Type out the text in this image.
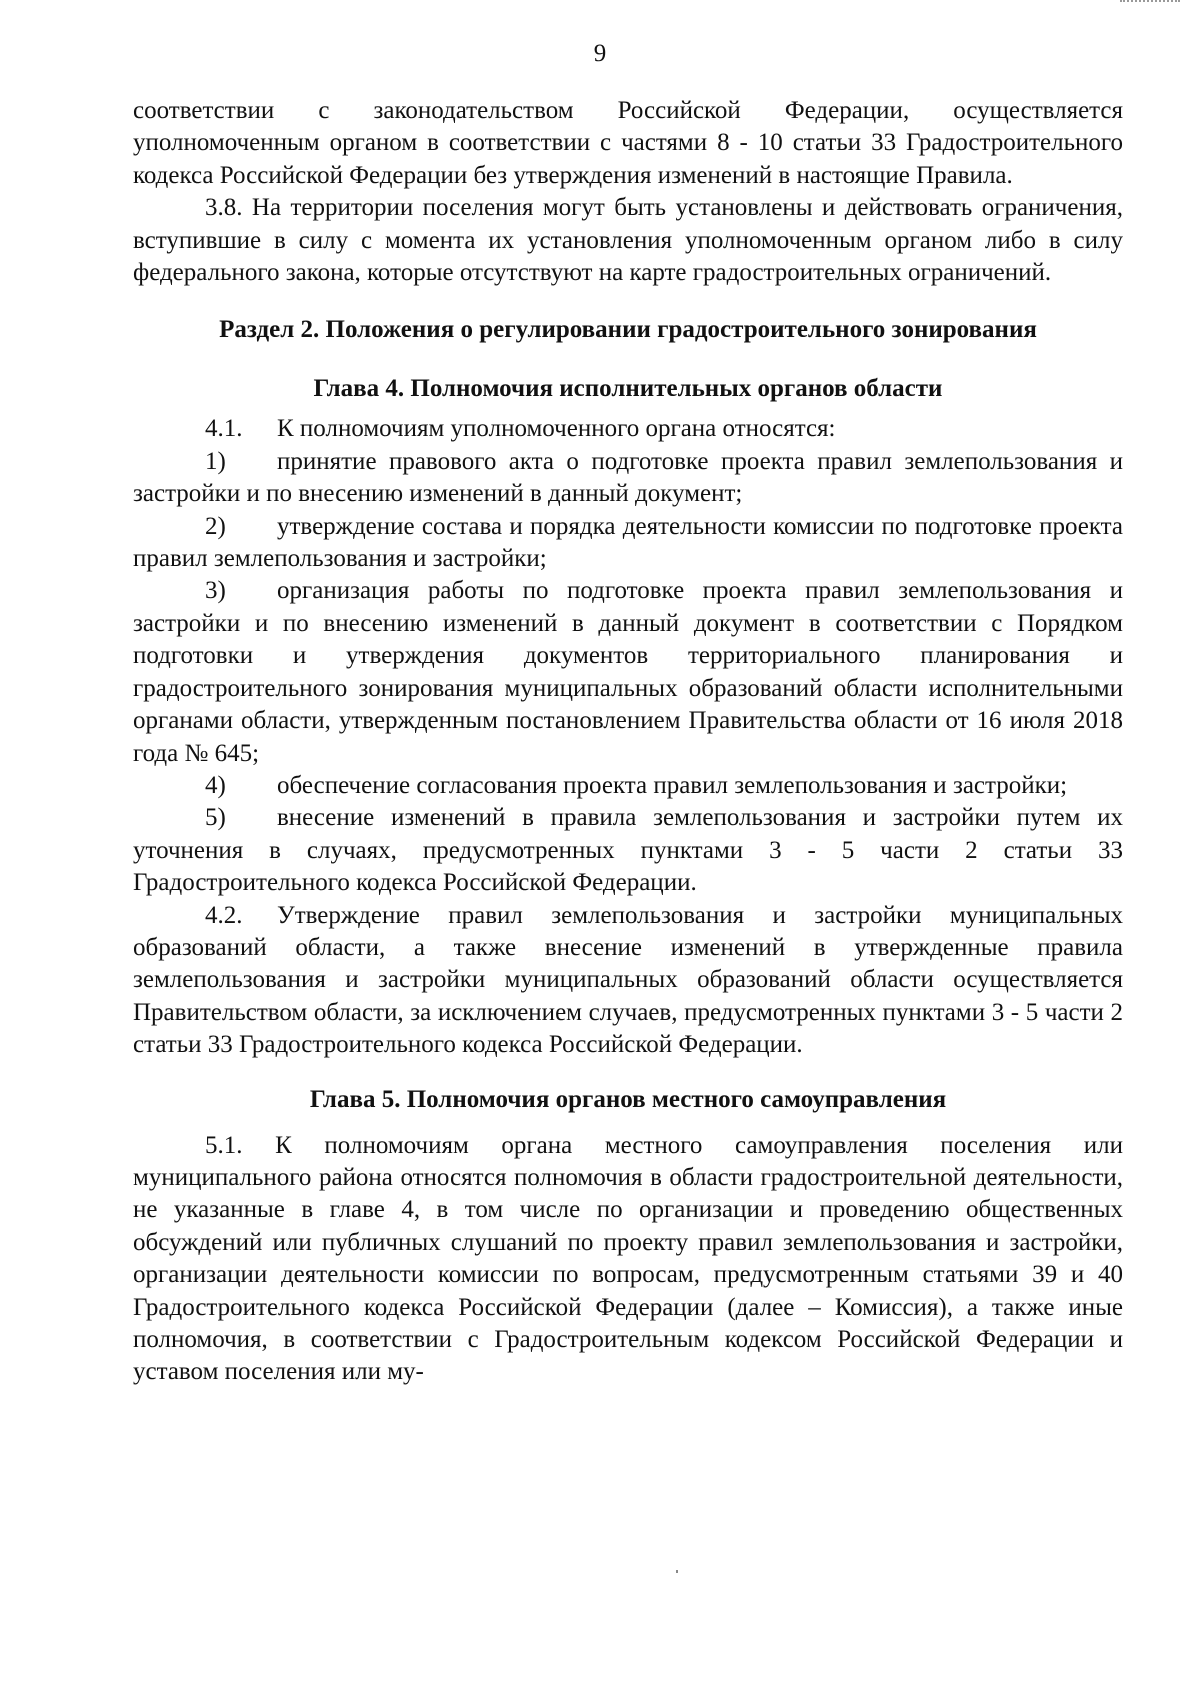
9

соответствии с законодательством Российской Федерации, осуществляется уполномоченным органом в соответствии с частями 8 - 10 статьи 33 Градостроительного кодекса Российской Федерации без утверждения изменений в настоящие Правила.

3.8. На территории поселения могут быть установлены и действовать ограничения, вступившие в силу с момента их установления уполномоченным органом либо в силу федерального закона, которые отсутствуют на карте градостроительных ограничений.

Раздел 2. Положения о регулировании градостроительного зонирования
Глава 4. Полномочия исполнительных органов области

4.1. К полномочиям уполномоченного органа относятся:

1) принятие правового акта о подготовке проекта правил землепользования и застройки и по внесению изменений в данный документ;

2) утверждение состава и порядка деятельности комиссии по подготовке проекта правил землепользования и застройки;

3) организация работы по подготовке проекта правил землепользования и застройки и по внесению изменений в данный документ в соответствии с Порядком подготовки и утверждения документов территориального планирования и градостроительного зонирования муниципальных образований области исполнительными органами области, утвержденным постановлением Правительства области от 16 июля 2018 года № 645;

4) обеспечение согласования проекта правил землепользования и застройки;

5) внесение изменений в правила землепользования и застройки путем их уточнения в случаях, предусмотренных пунктами 3 - 5 части 2 статьи 33 Градостроительного кодекса Российской Федерации.

4.2. Утверждение правил землепользования и застройки муниципальных образований области, а также внесение изменений в утвержденные правила землепользования и застройки муниципальных образований области осуществляется Правительством области, за исключением случаев, предусмотренных пунктами 3 - 5 части 2 статьи 33 Градостроительного кодекса Российской Федерации.

Глава 5. Полномочия органов местного самоуправления

5.1. К полномочиям органа местного самоуправления поселения или муниципального района относятся полномочия в области градостроительной деятельности, не указанные в главе 4, в том числе по организации и проведению общественных обсуждений или публичных слушаний по проекту правил землепользования и застройки, организации деятельности комиссии по вопросам, предусмотренным статьями 39 и 40 Градостроительного кодекса Российской Федерации (далее – Комиссия), а также иные полномочия, в соответствии с Градостроительным кодексом Российской Федерации и уставом поселения или му-
